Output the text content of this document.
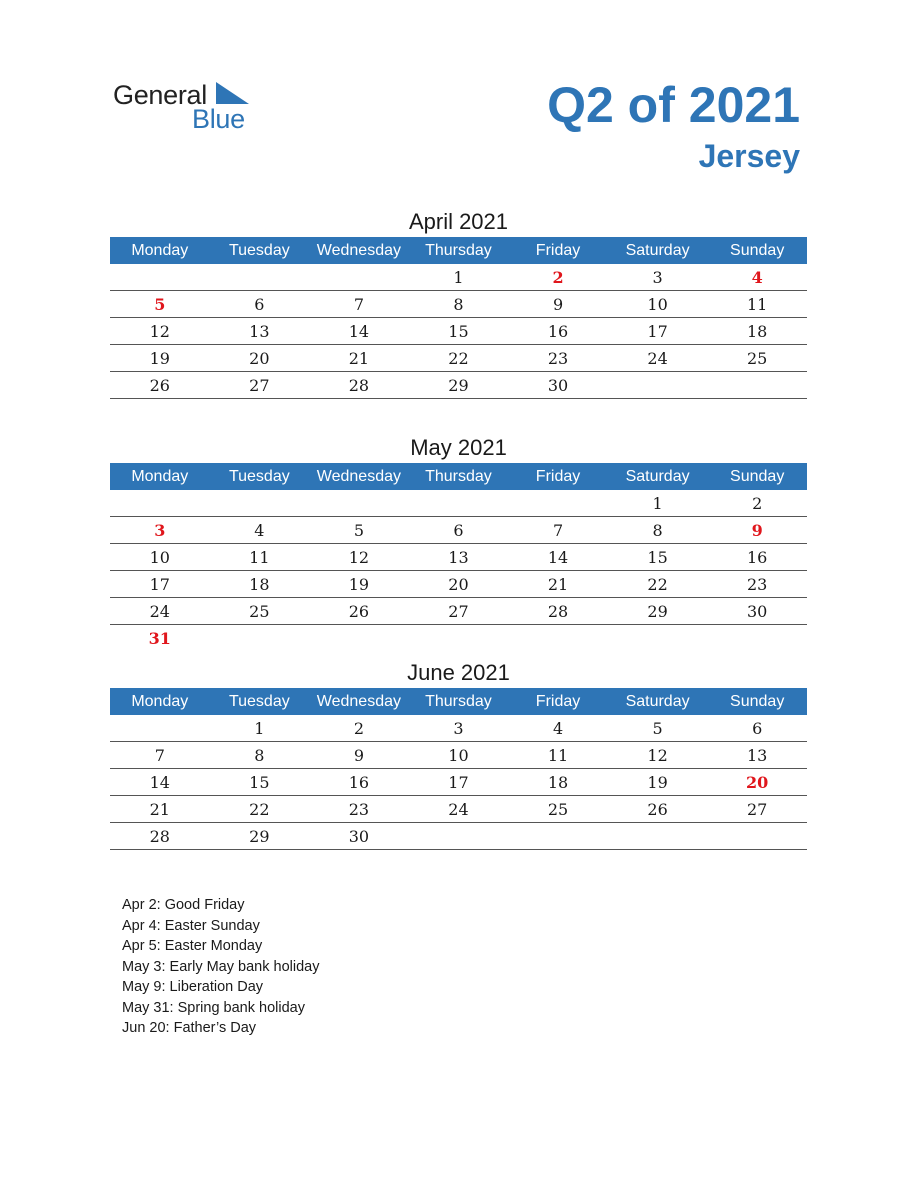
General
Blue	Q2 of 2021
Jersey
April 2021
Monday	Tuesday	Wednesday	Thursday	Friday	Saturday	Sunday
			1	2	3	4
5	6	7	8	9	10	11
12	13	14	15	16	17	18
19	20	21	22	23	24	25
26	27	28	29	30		
May 2021
Monday	Tuesday	Wednesday	Thursday	Friday	Saturday	Sunday
					1	2
3	4	5	6	7	8	9
10	11	12	13	14	15	16
17	18	19	20	21	22	23
24	25	26	27	28	29	30
31						
June 2021
Monday	Tuesday	Wednesday	Thursday	Friday	Saturday	Sunday
	1	2	3	4	5	6
7	8	9	10	11	12	13
14	15	16	17	18	19	20
21	22	23	24	25	26	27
28	29	30				
Apr 2: Good Friday
Apr 4: Easter Sunday
Apr 5: Easter Monday
May 3: Early May bank holiday
May 9: Liberation Day
May 31: Spring bank holiday
Jun 20: Father’s Day
